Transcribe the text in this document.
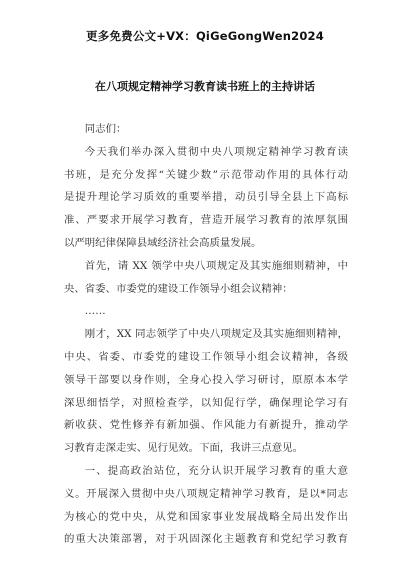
更多免费公文+VX：QiGeGongWen2024
在八项规定精神学习教育读书班上的主持讲话

同志们：

今天我们举办深入贯彻中央八项规定精神学习教育读
书班，是充分发挥“关键少数”示范带动作用的具体行动
是提升理论学习质效的重要举措，动员引导全县上下高标
准、严要求开展学习教育，营造开展学习教育的浓厚氛围
以严明纪律保障县域经济社会高质量发展。

首先，请 XX 领学中央八项规定及其实施细则精神，中
央、省委、市委党的建设工作领导小组会议精神：

……

刚才，XX 同志领学了中央八项规定及其实施细则精神，
中央、省委、市委党的建设工作领导小组会议精神，各级
领导干部要以身作则，全身心投入学习研讨，原原本本学
深思细悟学，对照检查学，以知促行学，确保理论学习有
新收获、党性修养有新加强、作风能力有新提升，推动学
习教育走深走实、见行见效。下面，我讲三点意见。

一、提高政治站位，充分认识开展学习教育的重大意
义。开展深入贯彻中央八项规定精神学习教育，是以*同志
为核心的党中央，从党和国家事业发展战略全局出发作出
的重大决策部署，对于巩固深化主题教育和党纪学习教育
